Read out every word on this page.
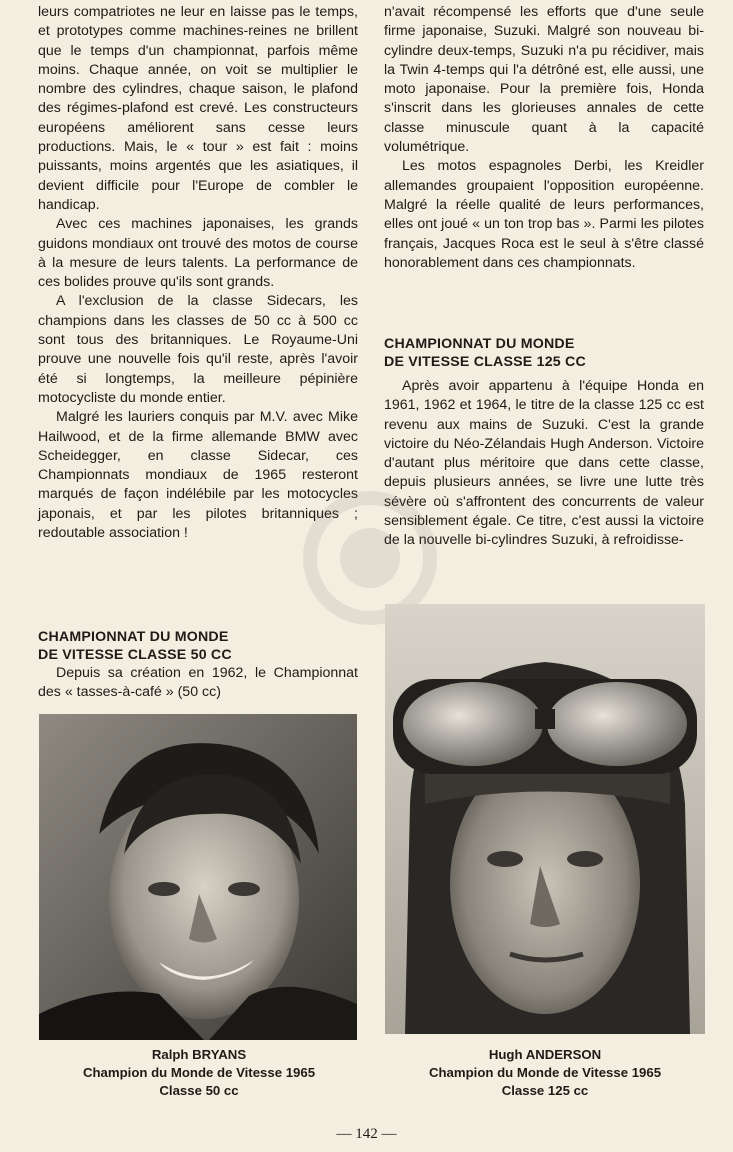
leurs compatriotes ne leur en laisse pas le temps, et prototypes comme machines-reines ne brillent que le temps d'un championnat, parfois même moins. Chaque année, on voit se multiplier le nombre des cylindres, chaque saison, le plafond des régimes-plafond est crevé. Les constructeurs européens améliorent sans cesse leurs productions. Mais, le « tour » est fait : moins puissants, moins argentés que les asiatiques, il devient difficile pour l'Europe de combler le handicap.

Avec ces machines japonaises, les grands guidons mondiaux ont trouvé des motos de course à la mesure de leurs talents. La performance de ces bolides prouve qu'ils sont grands.

A l'exclusion de la classe Sidecars, les champions dans les classes de 50 cc à 500 cc sont tous des britanniques. Le Royaume-Uni prouve une nouvelle fois qu'il reste, après l'avoir été si longtemps, la meilleure pépinière motocycliste du monde entier.

Malgré les lauriers conquis par M.V. avec Mike Hailwood, et de la firme allemande BMW avec Scheidegger, en classe Sidecar, ces Championnats mondiaux de 1965 resteront marqués de façon indélébile par les motocycles japonais, et par les pilotes britanniques ; redoutable association !

CHAMPIONNAT DU MONDE

DE VITESSE CLASSE 50 CC

Depuis sa création en 1962, le Championnat des « tasses-à-café » (50 cc)

n'avait récompensé les efforts que d'une seule firme japonaise, Suzuki. Malgré son nouveau bi-cylindre deux-temps, Suzuki n'a pu récidiver, mais la Twin 4-temps qui l'a détrôné est, elle aussi, une moto japonaise. Pour la première fois, Honda s'inscrit dans les glorieuses annales de cette classe minuscule quant à la capacité volumétrique.

Les motos espagnoles Derbi, les Kreidler allemandes groupaient l'opposition européenne. Malgré la réelle qualité de leurs performances, elles ont joué « un ton trop bas ». Parmi les pilotes français, Jacques Roca est le seul à s'être classé honorablement dans ces championnats.

CHAMPIONNAT DU MONDE

DE VITESSE CLASSE 125 CC

Après avoir appartenu à l'équipe Honda en 1961, 1962 et 1964, le titre de la classe 125 cc est revenu aux mains de Suzuki. C'est la grande victoire du Néo-Zélandais Hugh Anderson. Victoire d'autant plus méritoire que dans cette classe, depuis plusieurs années, se livre une lutte très sévère où s'affrontent des concurrents de valeur sensiblement égale. Ce titre, c'est aussi la victoire de la nouvelle bi-cylindres Suzuki, à refroidisse-

Ralph BRYANS
Champion du Monde de Vitesse 1965
Classe 50 cc
Hugh ANDERSON
Champion du Monde de Vitesse 1965
Classe 125 cc
— 142 —
